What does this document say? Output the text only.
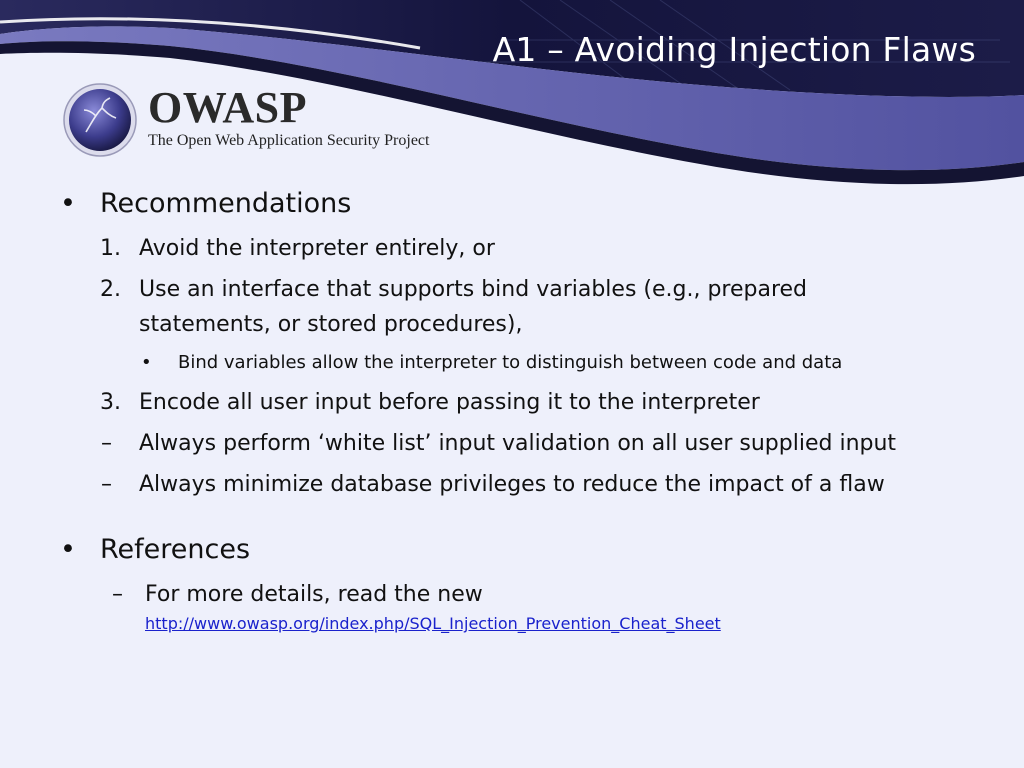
A1 – Avoiding Injection Flaws
OWASP
The Open Web Application Security Project
• Recommendations
1. Avoid the interpreter entirely, or
2. Use an interface that supports bind variables (e.g., prepared
statements, or stored procedures),
• Bind variables allow the interpreter to distinguish between code and data
3. Encode all user input before passing it to the interpreter
– Always perform ‘white list’ input validation on all user supplied input
– Always minimize database privileges to reduce the impact of a flaw
• References
– For more details, read the new
http://www.owasp.org/index.php/SQL_Injection_Prevention_Cheat_Sheet
